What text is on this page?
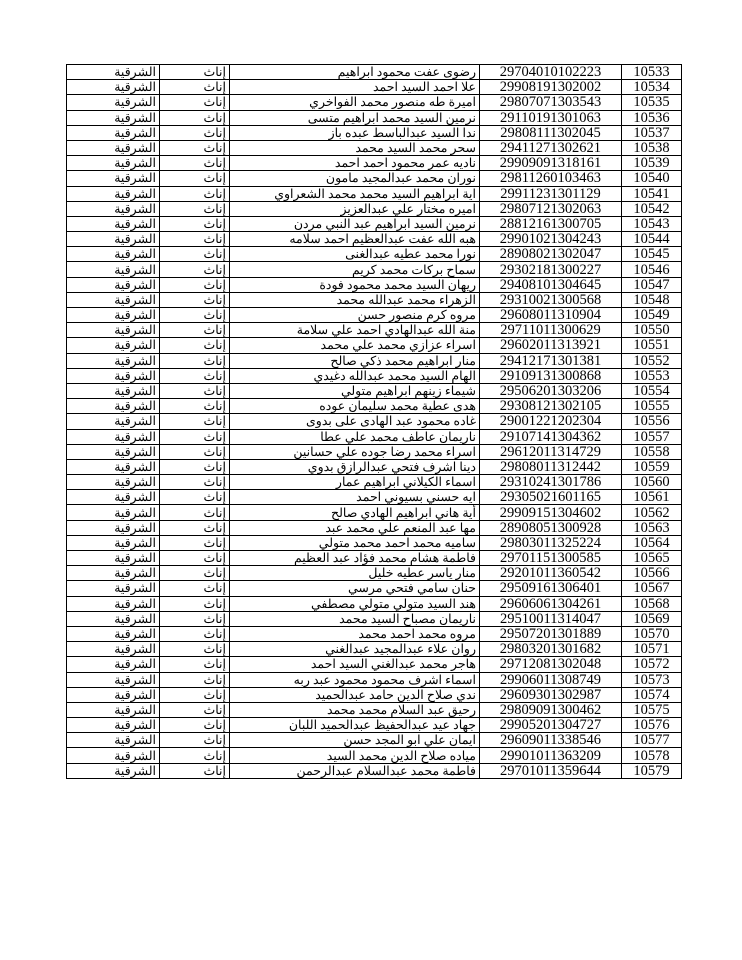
الشرقية	إناث	رضوى عفت محمود ابراهيم	29704010102223	10533
الشرقية	إناث	علا احمد السيد احمد	29908191302002	10534
الشرقية	إناث	اميرة طه منصور محمد الفواخري	29807071303543	10535
الشرقية	إناث	نرمين السيد محمد ابراهيم متسى	29110191301063	10536
الشرقية	إناث	ندا السيد عبدالباسط عبده باز	29808111302045	10537
الشرقية	إناث	سحر محمد السيد محمد	29411271302621	10538
الشرقية	إناث	ناديه عمر محمود احمد احمد	29909091318161	10539
الشرقية	إناث	نوران محمد عبدالمجيد مامون	29811260103463	10540
الشرقية	إناث	اية ابراهيم السيد محمد محمد الشعراوي	29911231301129	10541
الشرقية	إناث	اميره مختار علي عبدالعزيز	29807121302063	10542
الشرقية	إناث	نرمين السيد ابراهيم عبد النبي مردن	28812161300705	10543
الشرقية	إناث	هبه الله عفت عبدالعظيم احمد سلامه	29901021304243	10544
الشرقية	إناث	نورا محمد عطيه عبدالغنى	28908021302047	10545
الشرقية	إناث	سماح بركات محمد كريم	29302181300227	10546
الشرقية	إناث	ريهان السيد محمد محمود فودة	29408101304645	10547
الشرقية	إناث	الزهراء محمد عبدالله محمد	29310021300568	10548
الشرقية	إناث	مروه كرم منصور حسن	29608011310904	10549
الشرقية	إناث	منة الله عبدالهادي احمد علي سلامة	29711011300629	10550
الشرقية	إناث	اسراء عزازي محمد علي محمد	29602011313921	10551
الشرقية	إناث	منار ابراهيم محمد ذكي صالح	29412171301381	10552
الشرقية	إناث	الهام السيد محمد عبدالله دغيدي	29109131300868	10553
الشرقية	إناث	شيماء زينهم ابراهيم متولي	29506201303206	10554
الشرقية	إناث	هدى عطية محمد سليمان عوده	29308121302105	10555
الشرقية	إناث	غاده محمود عبد الهادى على بدوى	29001221202304	10556
الشرقية	إناث	ناريمان عاطف محمد علي عطا	29107141304362	10557
الشرقية	إناث	اسراء محمد رضا جوده علي حسانين	29612011314729	10558
الشرقية	إناث	دينا اشرف فتحي عبدالرازق بدوي	29808011312442	10559
الشرقية	إناث	اسماء الكيلاني ابراهيم عمار	29310241301786	10560
الشرقية	إناث	ايه حسني بسيوني احمد	29305021601165	10561
الشرقية	إناث	أية هاني ابراهيم الهادي صالح	29909151304602	10562
الشرقية	إناث	مها عبد المنعم علي محمد عبد	28908051300928	10563
الشرقية	إناث	ساميه محمد احمد محمد متولي	29803011325224	10564
الشرقية	إناث	فاطمة هشام محمد فؤاد عبد العظيم	29701151300585	10565
الشرقية	إناث	منار ياسر عطيه خليل	29201011360542	10566
الشرقية	إناث	حنان سامي فتحي مرسي	29509161306401	10567
الشرقية	إناث	هند السيد متولي متولي مصطفي	29606061304261	10568
الشرقية	إناث	ناريمان مصباح السيد محمد	29510011314047	10569
الشرقية	إناث	مروه محمد احمد محمد	29507201301889	10570
الشرقية	إناث	روان علاء عبدالمجيد عبدالغني	29803201301682	10571
الشرقية	إناث	هاجر محمد عبدالغني السيد احمد	29712081302048	10572
الشرقية	إناث	اسماء اشرف محمود محمود عبد ربه	29906011308749	10573
الشرقية	إناث	ندي صلاح الدين حامد عبدالحميد	29609301302987	10574
الشرقية	إناث	رحيق عبد السلام محمد محمد	29809091300462	10575
الشرقية	إناث	جهاد عيد عبدالحفيظ عبدالحميد اللبان	29905201304727	10576
الشرقية	إناث	ايمان علي ابو المجد حسن	29609011338546	10577
الشرقية	إناث	مياده صلاح الدين محمد السيد	29901011363209	10578
الشرقية	إناث	فاطمة محمد عبدالسلام عبدالرحمن	29701011359644	10579
